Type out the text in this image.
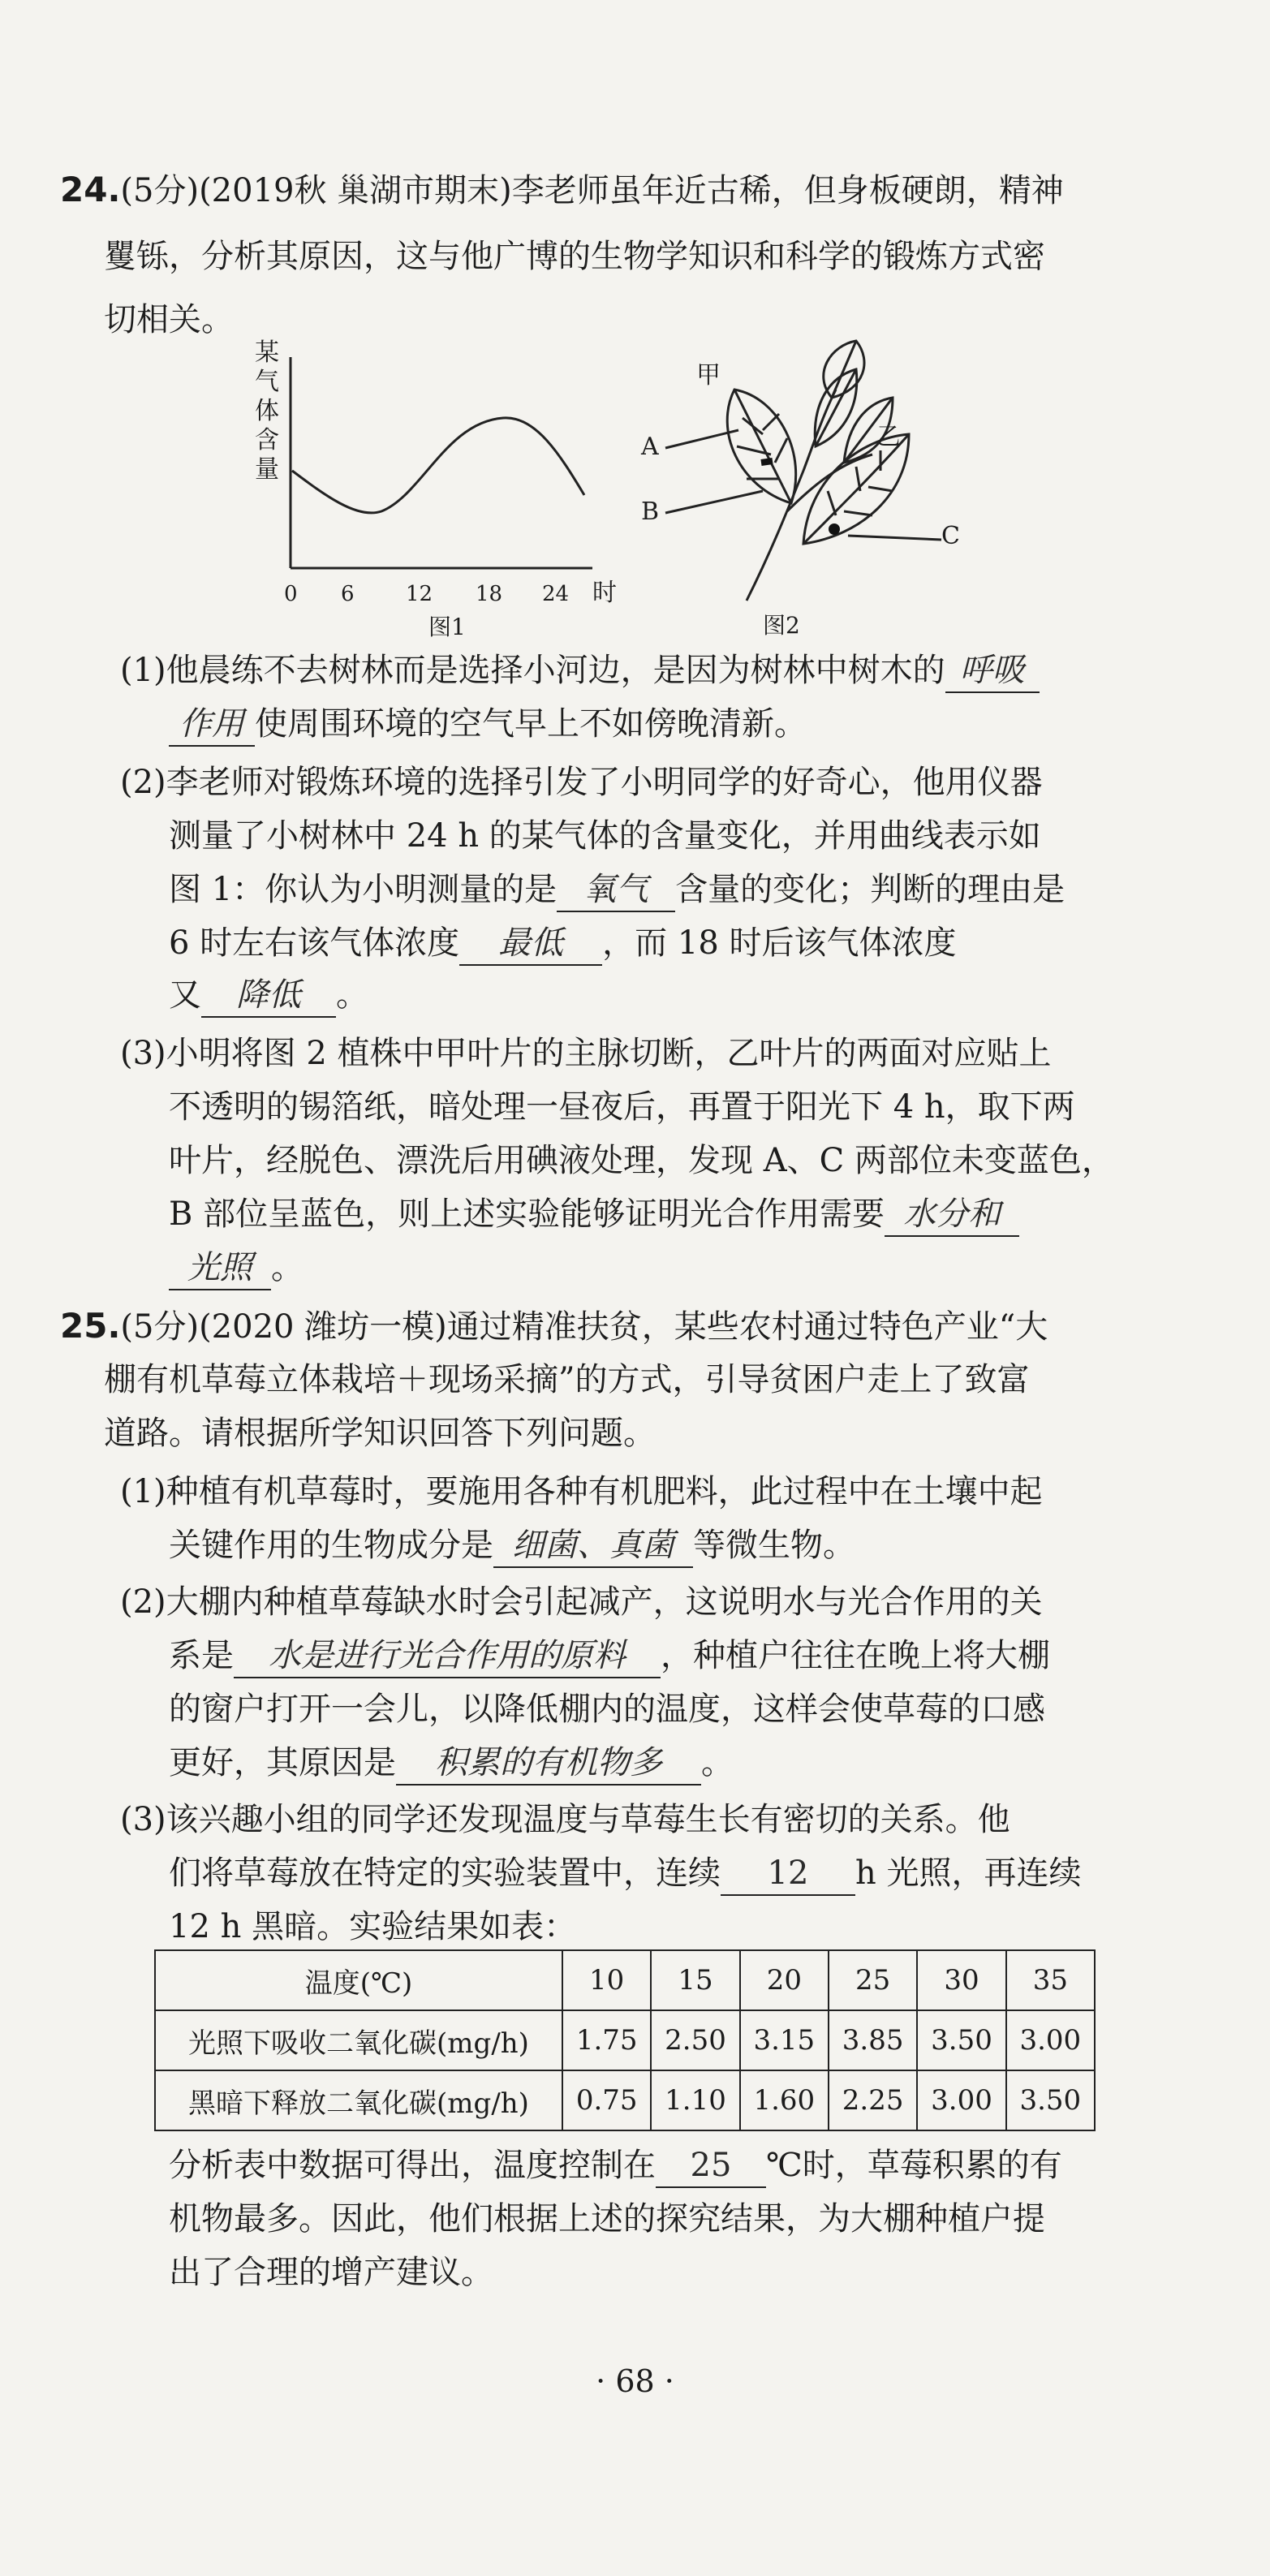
24.(5分)(2019秋 巢湖市期末)李老师虽年近古稀，但身板硬朗，精神
矍铄，分析其原因，这与他广博的生物学知识和科学的锻炼方式密
切相关。
某
气
体
含
量
0 6 12 18 24 时
图1
甲
乙
A
B
C
图2
(1)他晨练不去树林而是选择小河边，是因为树林中树木的 呼吸
作用 使周围环境的空气早上不如傍晚清新。
(2)李老师对锻炼环境的选择引发了小明同学的好奇心，他用仪器
测量了小树林中 24 h 的某气体的含量变化，并用曲线表示如
图 1：你认为小明测量的是 氧气 含量的变化；判断的理由是
6 时左右该气体浓度 最低 ，而 18 时后该气体浓度
又 降低 。
(3)小明将图 2 植株中甲叶片的主脉切断，乙叶片的两面对应贴上
不透明的锡箔纸，暗处理一昼夜后，再置于阳光下 4 h，取下两
叶片，经脱色、漂洗后用碘液处理，发现 A、C 两部位未变蓝色，
B 部位呈蓝色，则上述实验能够证明光合作用需要 水分和
光照 。
25.(5分)(2020 潍坊一模)通过精准扶贫，某些农村通过特色产业“大
棚有机草莓立体栽培＋现场采摘”的方式，引导贫困户走上了致富
道路。请根据所学知识回答下列问题。
(1)种植有机草莓时，要施用各种有机肥料，此过程中在土壤中起
关键作用的生物成分是 细菌、真菌 等微生物。
(2)大棚内种植草莓缺水时会引起减产，这说明水与光合作用的关
系是 水是进行光合作用的原料 ，种植户往往在晚上将大棚
的窗户打开一会儿，以降低棚内的温度，这样会使草莓的口感
更好，其原因是 积累的有机物多 。
(3)该兴趣小组的同学还发现温度与草莓生长有密切的关系。他
们将草莓放在特定的实验装置中，连续 12 h 光照，再连续
12 h 黑暗。实验结果如表：
温度(℃)	10	15	20	25	30	35
光照下吸收二氧化碳(mg/h)	1.75	2.50	3.15	3.85	3.50	3.00
黑暗下释放二氧化碳(mg/h)	0.75	1.10	1.60	2.25	3.00	3.50
分析表中数据可得出，温度控制在 25 ℃时，草莓积累的有
机物最多。因此，他们根据上述的探究结果，为大棚种植户提
出了合理的增产建议。
· 68 ·
